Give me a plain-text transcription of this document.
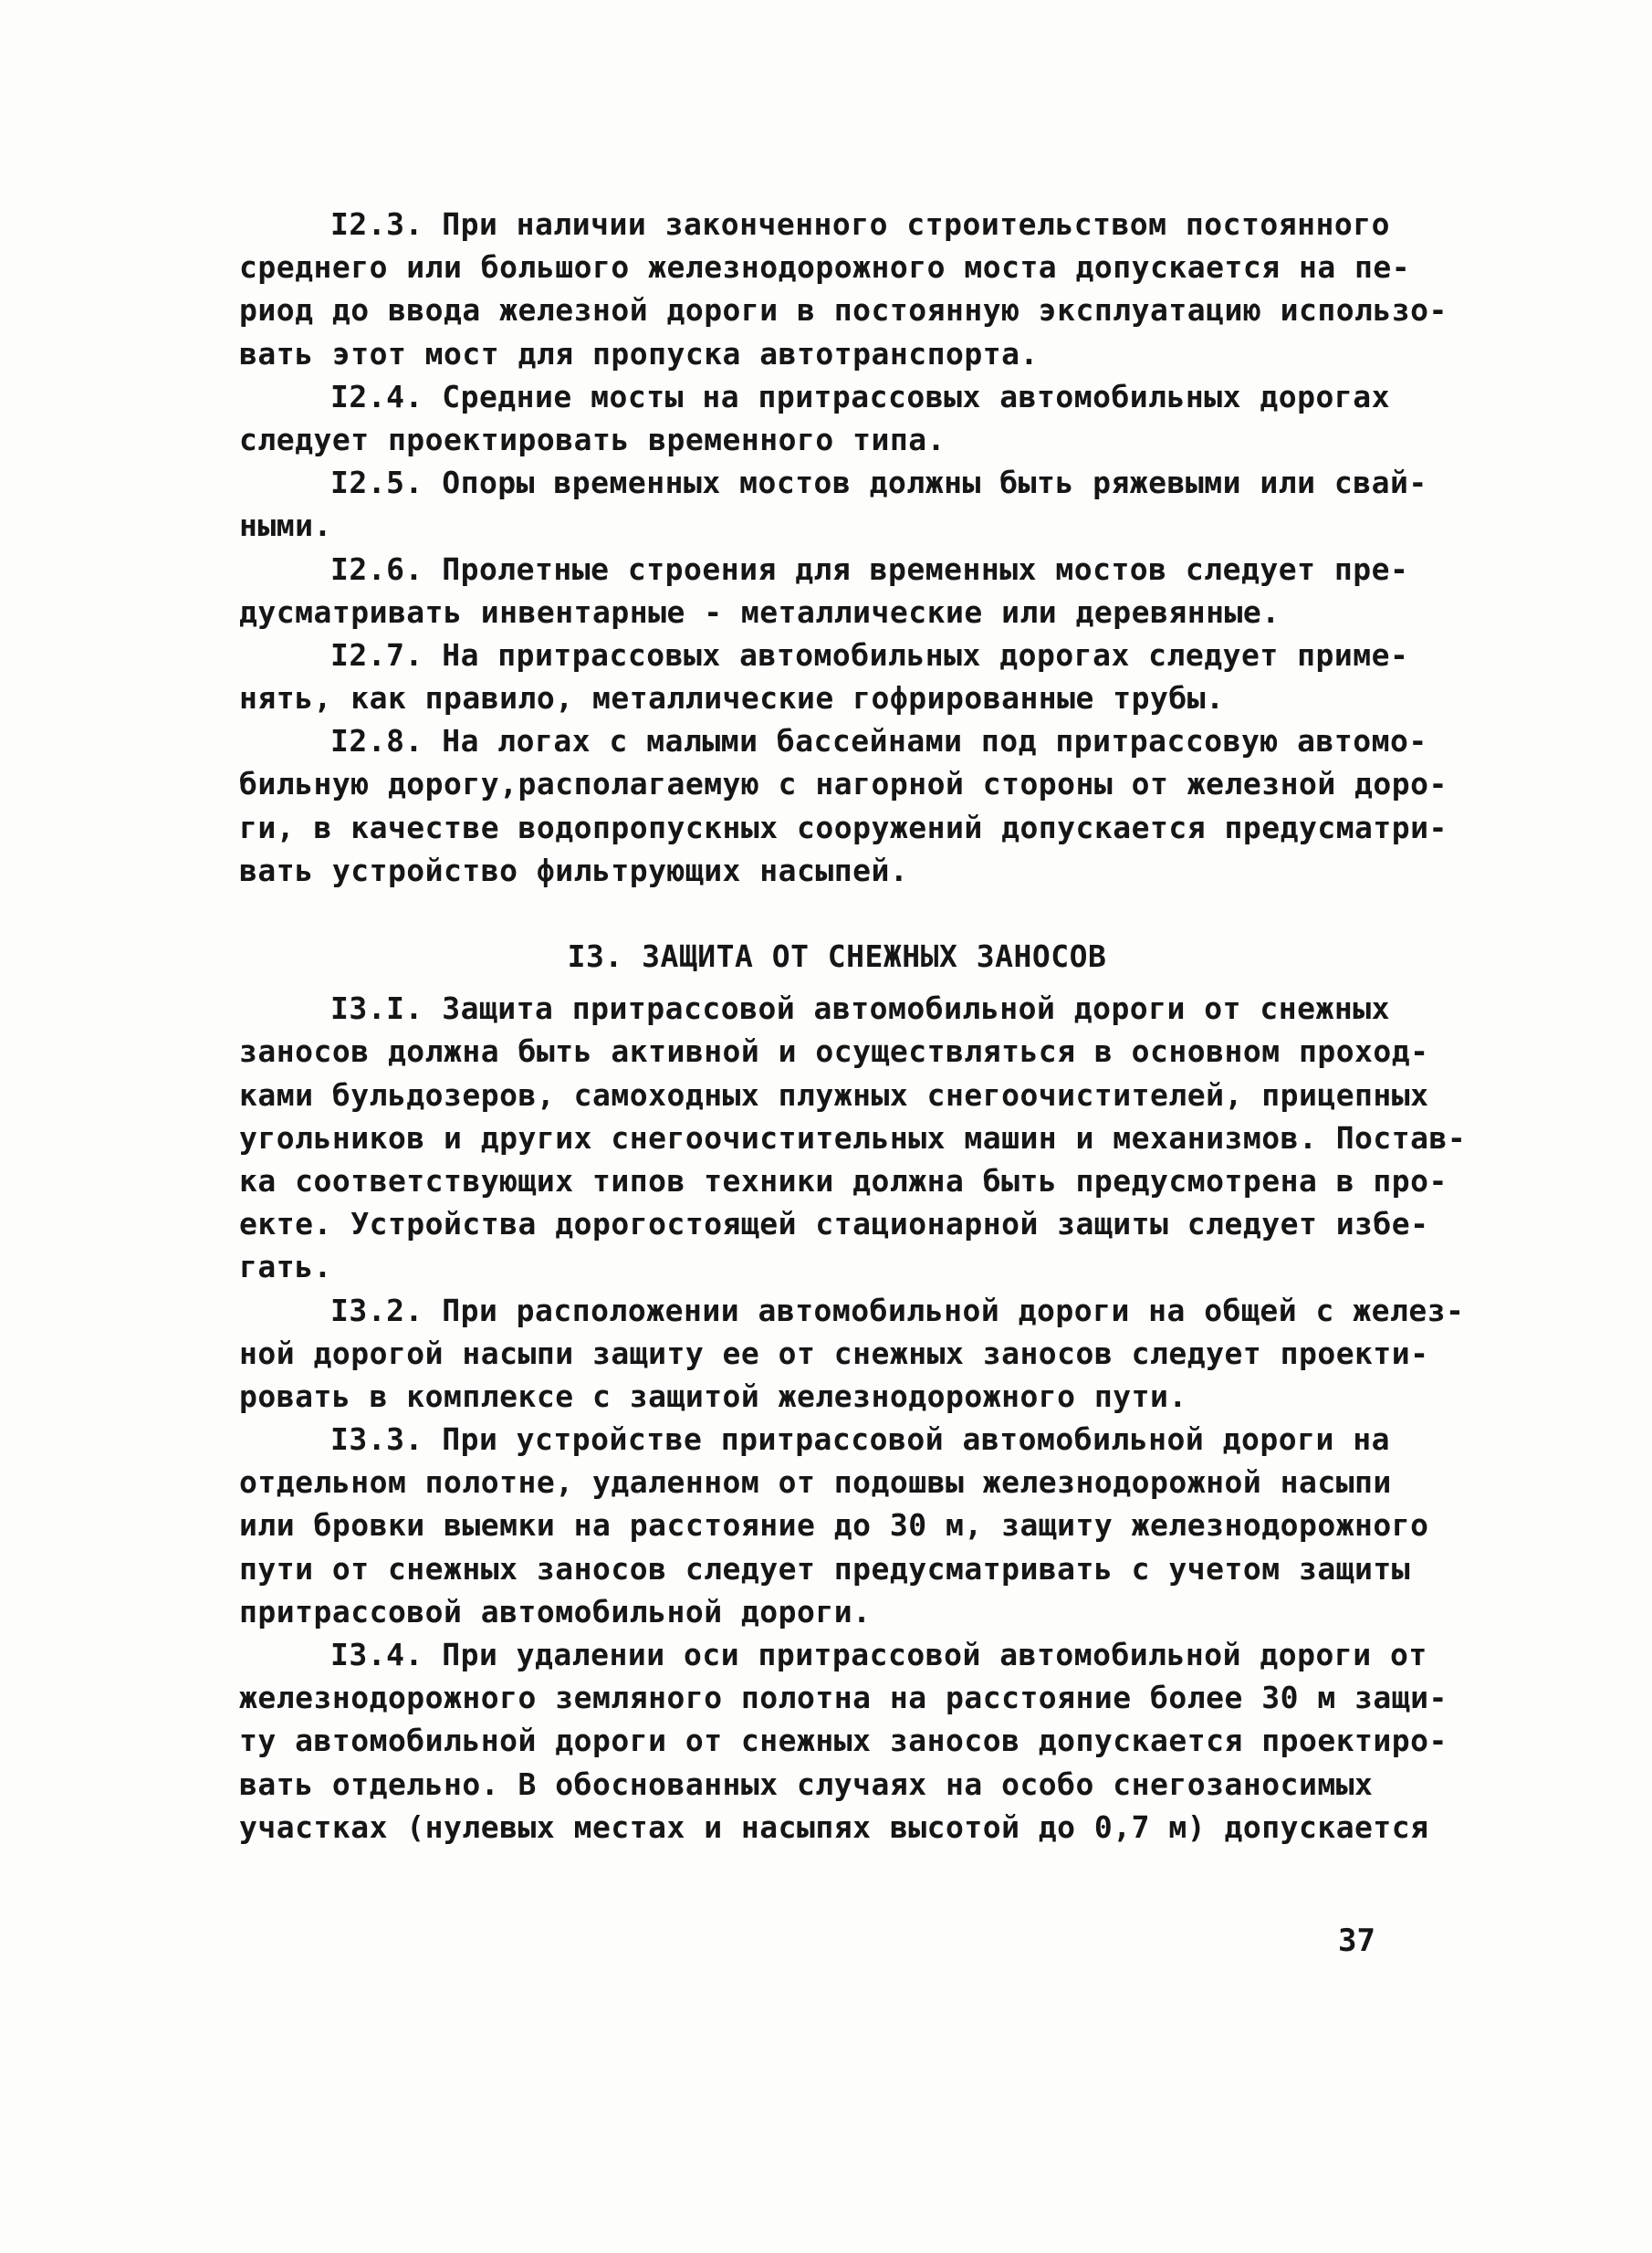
I2.3. При наличии законченного строительством постоянного
среднего или большого железнодорожного моста допускается на пе-
риод до ввода железной дороги в постоянную эксплуатацию использо-
вать этот мост для пропуска автотранспорта.
I2.4. Средние мосты на притрассовых автомобильных дорогах
следует проектировать временного типа.
I2.5. Опоры временных мостов должны быть ряжевыми или свай-
ными.
I2.6. Пролетные строения для временных мостов следует пре-
дусматривать инвентарные - металлические или деревянные.
I2.7. На притрассовых автомобильных дорогах следует приме-
нять, как правило, металлические гофрированные трубы.
I2.8. На логах с малыми бассейнами под притрассовую автомо-
бильную дорогу,располагаемую с нагорной стороны от железной доро-
ги, в качестве водопропускных сооружений допускается предусматри-
вать устройство фильтрующих насыпей.
I3. ЗАЩИТА ОТ СНЕЖНЫХ ЗАНОСОВ
I3.I. Защита притрассовой автомобильной дороги от снежных
заносов должна быть активной и осуществляться в основном проход-
ками бульдозеров, самоходных плужных снегоочистителей, прицепных
угольников и других снегоочистительных машин и механизмов. Постав-
ка соответствующих типов техники должна быть предусмотрена в про-
екте. Устройства дорогостоящей стационарной защиты следует избе-
гать.
I3.2. При расположении автомобильной дороги на общей с желез-
ной дорогой насыпи защиту ее от снежных заносов следует проекти-
ровать в комплексе с защитой железнодорожного пути.
I3.3. При устройстве притрассовой автомобильной дороги на
отдельном полотне, удаленном от подошвы железнодорожной насыпи
или бровки выемки на расстояние до 30 м, защиту железнодорожного
пути от снежных заносов следует предусматривать с учетом защиты
притрассовой автомобильной дороги.
I3.4. При удалении оси притрассовой автомобильной дороги от
железнодорожного земляного полотна на расстояние более 30 м защи-
ту автомобильной дороги от снежных заносов допускается проектиро-
вать отдельно. В обоснованных случаях на особо снегозаносимых
участках (нулевых местах и насыпях высотой до 0,7 м) допускается
37
